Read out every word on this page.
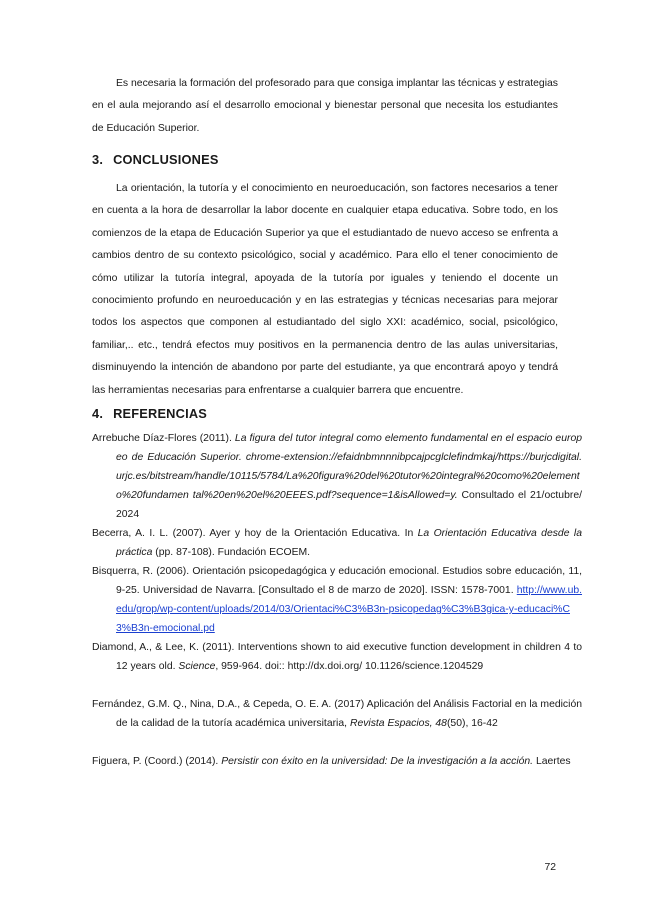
Es necesaria la formación del profesorado para que consiga implantar las técnicas y estrategias en el aula mejorando así el desarrollo emocional y bienestar personal que necesita los estudiantes de Educación Superior.

3. CONCLUSIONES

La orientación, la tutoría y el conocimiento en neuroeducación, son factores necesarios a tener en cuenta a la hora de desarrollar la labor docente en cualquier etapa educativa. Sobre todo, en los comienzos de la etapa de Educación Superior ya que el estudiantado de nuevo acceso se enfrenta a cambios dentro de su contexto psicológico, social y académico. Para ello el tener conocimiento de cómo utilizar la tutoría integral, apoyada de la tutoría por iguales y teniendo el docente un conocimiento profundo en neuroeducación y en las estrategias y técnicas necesarias para mejorar todos los aspectos que componen al estudiantado del siglo XXI: académico, social, psicológico, familiar,.. etc., tendrá efectos muy positivos en la permanencia dentro de las aulas universitarias, disminuyendo la intención de abandono por parte del estudiante, ya que encontrará apoyo y tendrá las herramientas necesarias para enfrentarse a cualquier barrera que encuentre.

4. REFERENCIAS

Arrebuche Díaz-Flores (2011). La figura del tutor integral como elemento fundamental en el espacio europeo de Educación Superior. chrome-extension://efaidnbmnnnibpcajpcglclefindmkaj/https://burjcdigital.urjc.es/bitstream/handle/10115/5784/La%20figura%20del%20tutor%20integral%20como%20elemento%20fundamen tal%20en%20el%20EEES.pdf?sequence=1&isAllowed=y. Consultado el 21/octubre/2024

Becerra, A. I. L. (2007). Ayer y hoy de la Orientación Educativa. In La Orientación Educativa desde la práctica (pp. 87-108). Fundación ECOEM.

Bisquerra, R. (2006). Orientación psicopedagógica y educación emocional. Estudios sobre educación, 11, 9-25. Universidad de Navarra. [Consultado el 8 de marzo de 2020]. ISSN: 1578-7001. http://www.ub.edu/grop/wp-content/uploads/2014/03/Orientaci%C3%B3n-psicopedag%C3%B3gica-y-educaci%C3%B3n-emocional.pd

Diamond, A., & Lee, K. (2011). Interventions shown to aid executive function development in children 4 to 12 years old. Science, 959-964. doi:: http://dx.doi.org/ 10.1126/science.1204529

Fernández, G.M. Q., Nina, D.A., & Cepeda, O. E. A. (2017) Aplicación del Análisis Factorial en la medición de la calidad de la tutoría académica universitaria, Revista Espacios, 48(50), 16-42

Figuera, P. (Coord.) (2014). Persistir con éxito en la universidad: De la investigación a la acción. Laertes

72
